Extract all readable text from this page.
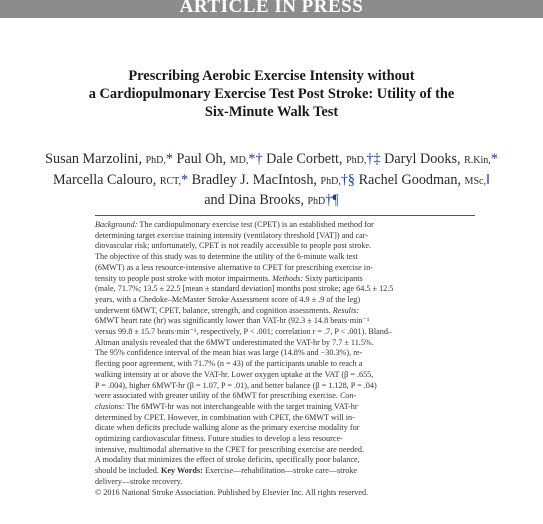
ARTICLE IN PRESS
Prescribing Aerobic Exercise Intensity without
a Cardiopulmonary Exercise Test Post Stroke: Utility of the
Six-Minute Walk Test
Susan Marzolini, PhD,* Paul Oh, MD,*† Dale Corbett, PhD,†‡ Daryl Dooks, R.Kin,*
Marcella Calouro, RCT,* Bradley J. MacIntosh, PhD,†§ Rachel Goodman, MSc,‖
and Dina Brooks, PhD†¶
Background: The cardiopulmonary exercise test (CPET) is an established method for
determining target exercise training intensity (ventilatory threshold [VAT]) and car-
diovascular risk; unfortunately, CPET is not readily accessible to people post stroke.
The objective of this study was to determine the utility of the 6-minute walk test
(6MWT) as a less resource-intensive alternative to CPET for prescribing exercise in-
tensity to people post stroke with motor impairments. Methods: Sixty participants
(male, 71.7%; 13.5 ± 22.5 [mean ± standard deviation] months post stroke; age 64.5 ± 12.5
years, with a Chedoke–McMaster Stroke Assessment score of 4.9 ± .9 of the leg)
underwent 6MWT, CPET, balance, strength, and cognition assessments. Results:
6MWT heart rate (hr) was significantly lower than VAT-hr (92.3 ± 14.8 beats·min⁻¹
versus 99.8 ± 15.7 beats·min⁻¹, respectively, P < .001; correlation r = .7, P < .001). Bland–
Altman analysis revealed that the 6MWT underestimated the VAT-hr by 7.7 ± 11.5%.
The 95% confidence interval of the mean bias was large (14.8% and −30.3%), re-
flecting poor agreement, with 71.7% (n = 43) of the participants unable to reach a
walking intensity at or above the VAT-hr. Lower oxygen uptake at the VAT (β = .655,
P = .004), higher 6MWT-hr (β = 1.07, P = .01), and better balance (β = 1.128, P = .04)
were associated with greater utility of the 6MWT for prescribing exercise. Con-
clusions: The 6MWT-hr was not interchangeable with the target training VAT-hr
determined by CPET. However, in combination with CPET, the 6MWT will in-
dicate when deficits preclude walking alone as the primary exercise modality for
optimizing cardiovascular fitness. Future studies to develop a less resource-
intensive, multimodal alternative to the CPET for prescribing exercise are needed.
A modality that minimizes the effect of stroke deficits, specifically poor balance,
should be included. Key Words: Exercise—rehabilitation—stroke care—stroke
delivery—stroke recovery.
© 2016 National Stroke Association. Published by Elsevier Inc. All rights reserved.
